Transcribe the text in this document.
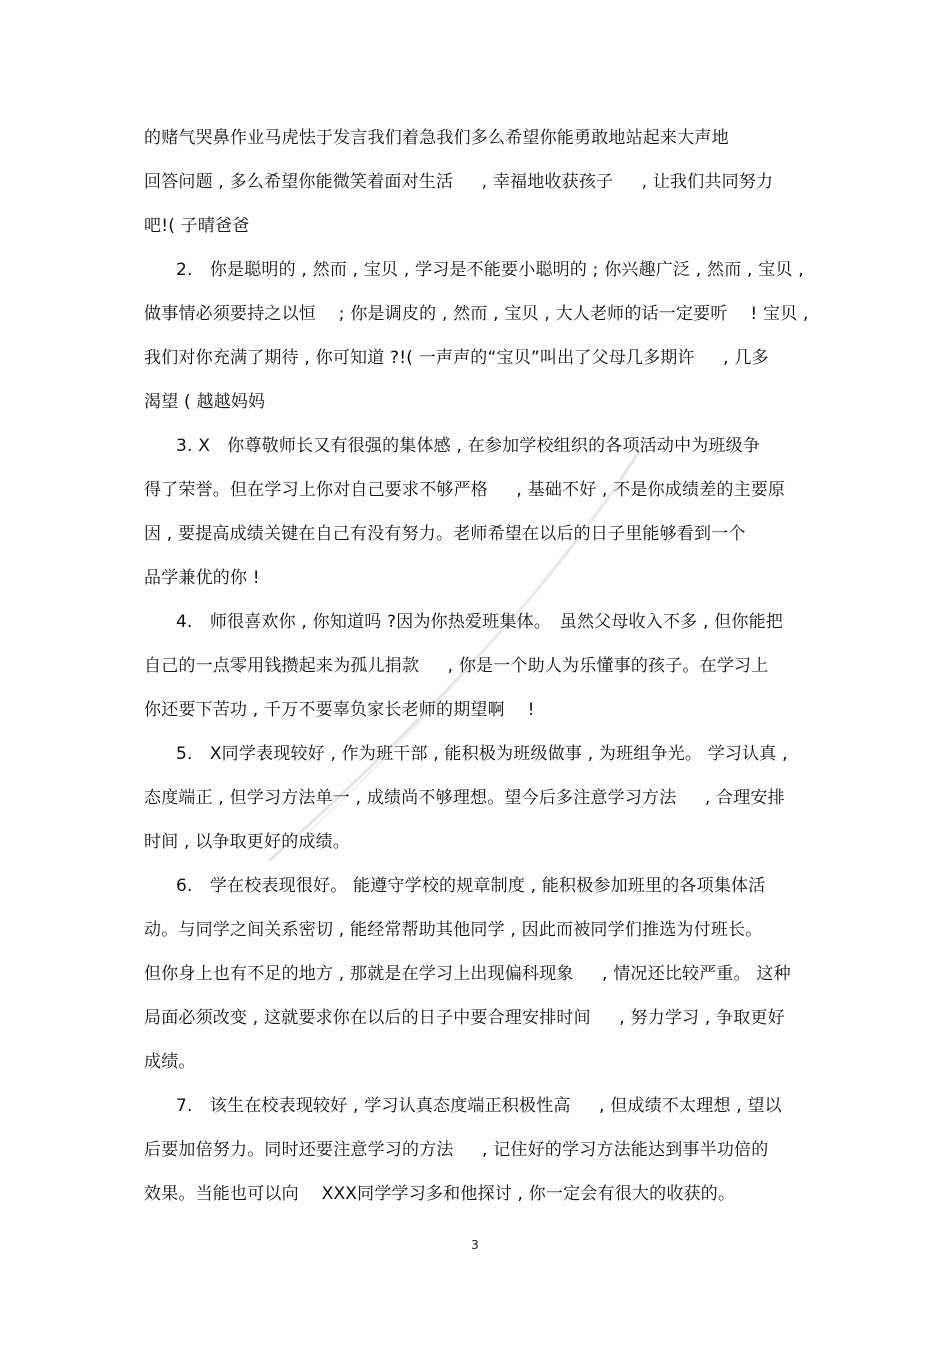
的赌气哭鼻作业马虎怯于发言我们着急我们多么希望你能勇敢地站起来大声地
回答问题 , 多么希望你能微笑着面对生活 　 , 幸福地收获孩子 　 , 让我们共同努力
吧!( 子晴爸爸
2.　你是聪明的 , 然而 , 宝贝 , 学习是不能要小聪明的 ; 你兴趣广泛 , 然而 , 宝贝 ,
做事情必须要持之以恒 　; 你是调皮的 , 然而 , 宝贝 , 大人老师的话一定要听 　! 宝贝 ,
我们对你充满了期待 , 你可知道 ?!( 一声声的“宝贝”叫出了父母几多期许 　 , 几多
渴望 ( 越越妈妈
3. X　你尊敬师长又有很强的集体感 , 在参加学校组织的各项活动中为班级争
得了荣誉。但在学习上你对自己要求不够严格 　 , 基础不好 , 不是你成绩差的主要原
因 , 要提高成绩关键在自己有没有努力。老师希望在以后的日子里能够看到一个
品学兼优的你 !
4.　师很喜欢你 , 你知道吗 ?因为你热爱班集体。　虽然父母收入不多 , 但你能把
自己的一点零用钱攒起来为孤儿捐款 　 , 你是一个助人为乐懂事的孩子。在学习上
你还要下苦功 , 千万不要辜负家长老师的期望啊 　!
5.　X同学表现较好 , 作为班干部 , 能积极为班级做事 , 为班组争光。 学习认真 ,
态度端正 , 但学习方法单一 , 成绩尚不够理想。望今后多注意学习方法 　 , 合理安排
时间 , 以争取更好的成绩。
6.　学在校表现很好。 能遵守学校的规章制度 , 能积极参加班里的各项集体活
动。与同学之间关系密切 , 能经常帮助其他同学 , 因此而被同学们推选为付班长。
但你身上也有不足的地方 , 那就是在学习上出现偏科现象 　 , 情况还比较严重。 这种
局面必须改变 , 这就要求你在以后的日子中要合理安排时间 　 , 努力学习 , 争取更好
成绩。
7.　该生在校表现较好 , 学习认真态度端正积极性高 　 , 但成绩不太理想 , 望以
后要加倍努力。同时还要注意学习的方法 　 , 记住好的学习方法能达到事半功倍的
效果。当能也可以向 　XXX同学学习多和他探讨 , 你一定会有很大的收获的。
3
